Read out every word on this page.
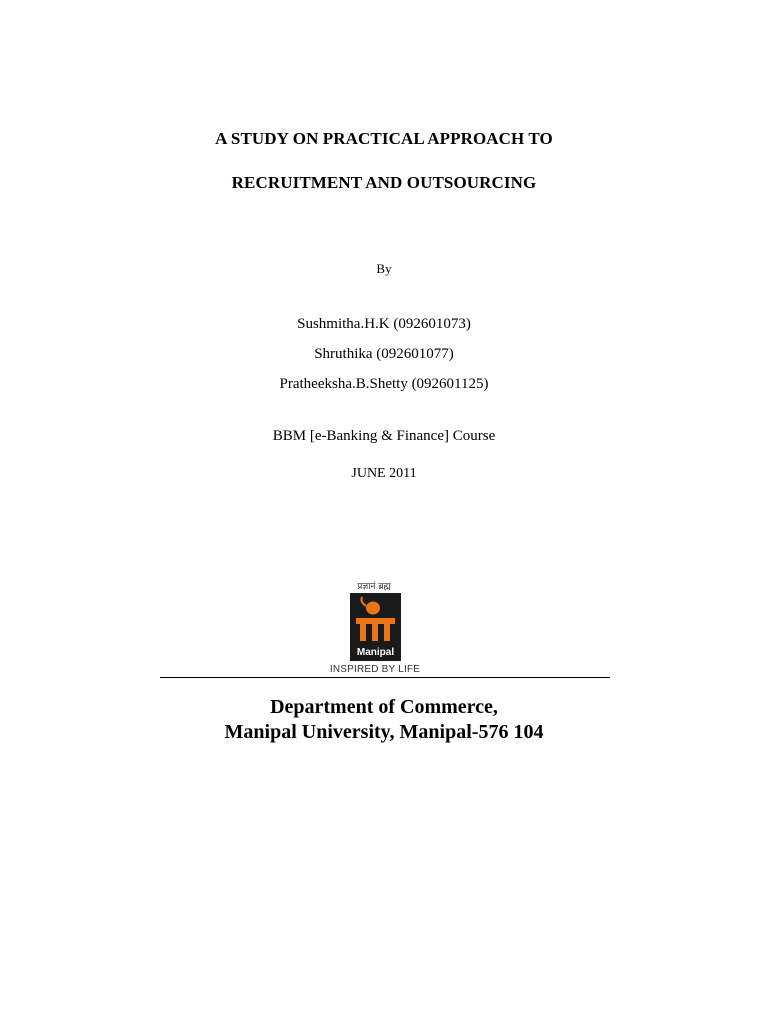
A STUDY ON PRACTICAL APPROACH TO
RECRUITMENT AND OUTSOURCING
By
Sushmitha.H.K (092601073)
Shruthika (092601077)
Pratheeksha.B.Shetty (092601125)
BBM [e-Banking & Finance] Course
JUNE 2011
प्रज्ञानं ब्रह्म
Manipal
INSPIRED BY LIFE
Department of Commerce,
Manipal University, Manipal-576 104
